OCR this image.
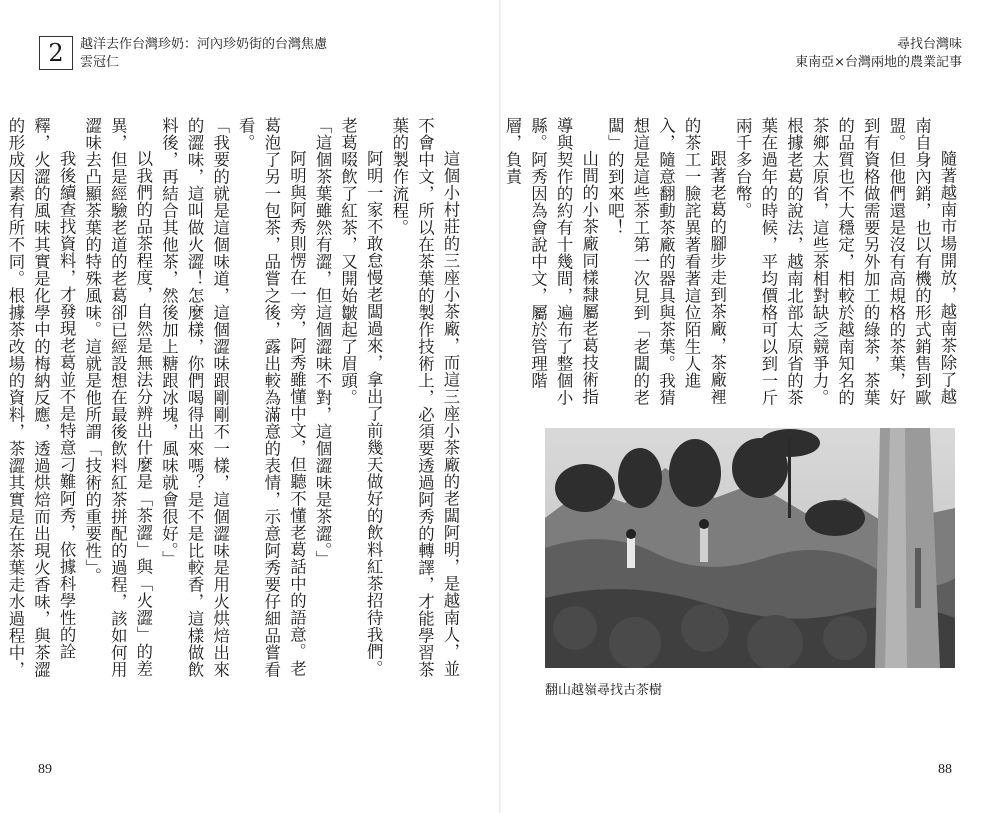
2	越洋去作台灣珍奶：河內珍奶街的台灣焦慮
雲冠仁

這個小村莊的三座小茶廠，而這三座小茶廠的老闆阿明，是越南人，並不會中文，所以在茶葉的製作技術上，必須要透過阿秀的轉譯，才能學習茶葉的製作流程。

阿明一家不敢怠慢老闆過來，拿出了前幾天做好的飲料紅茶招待我們。老葛啜飲了紅茶，又開始皺起了眉頭。

「這個茶葉雖然有澀，但這個澀味不對，這個澀味是茶澀。」

阿明與阿秀則愣在一旁，阿秀雖懂中文，但聽不懂老葛話中的語意。老葛泡了另一包茶，品嘗之後，露出較為滿意的表情，示意阿秀要仔細品嘗看看。

「我要的就是這個味道，這個澀味跟剛剛不一樣，這個澀味是用火烘焙出來的澀味，這叫做火澀！怎麼樣，你們喝得出來嗎？是不是比較香，這樣做飲料後，再結合其他茶，然後加上糖跟冰塊，風味就會很好。」

以我們的品茶程度，自然是無法分辨出什麼是「茶澀」與「火澀」的差異，但是經驗老道的老葛卻已經設想在最後飲料紅茶拼配的過程，該如何用澀味去凸顯茶葉的特殊風味。這就是他所謂「技術的重要性」。

我後續查找資料，才發現老葛並不是特意刁難阿秀，依據科學性的詮釋，火澀的風味其實是化學中的梅納反應，透過烘焙而出現火香味，與茶澀的形成因素有所不同。根據茶改場的資料，茶澀其實是在茶葉走水過程中，

89
尋找台灣味
東南亞×台灣兩地的農業記事

隨著越南市場開放，越南茶除了越南自身內銷，也以有機的形式銷售到歐盟。但他們還是沒有高規格的茶葉，好到有資格做需要另外加工的綠茶，茶葉的品質也不大穩定，相較於越南知名的茶鄉太原省，這些茶相對缺乏競爭力。根據老葛的說法，越南北部太原省的茶葉在過年的時候，平均價格可以到一斤兩千多台幣。

跟著老葛的腳步走到茶廠，茶廠裡的茶工一臉詫異著看著這位陌生人進入，隨意翻動茶廠的器具與茶葉。我猜想這是這些茶工第一次見到「老闆的老闆」的到來吧！

山間的小茶廠同樣隸屬老葛技術指導與契作的約有十幾間，遍布了整個小縣。阿秀因為會說中文，屬於管理階層，負責

翻山越嶺尋找古茶樹
88
